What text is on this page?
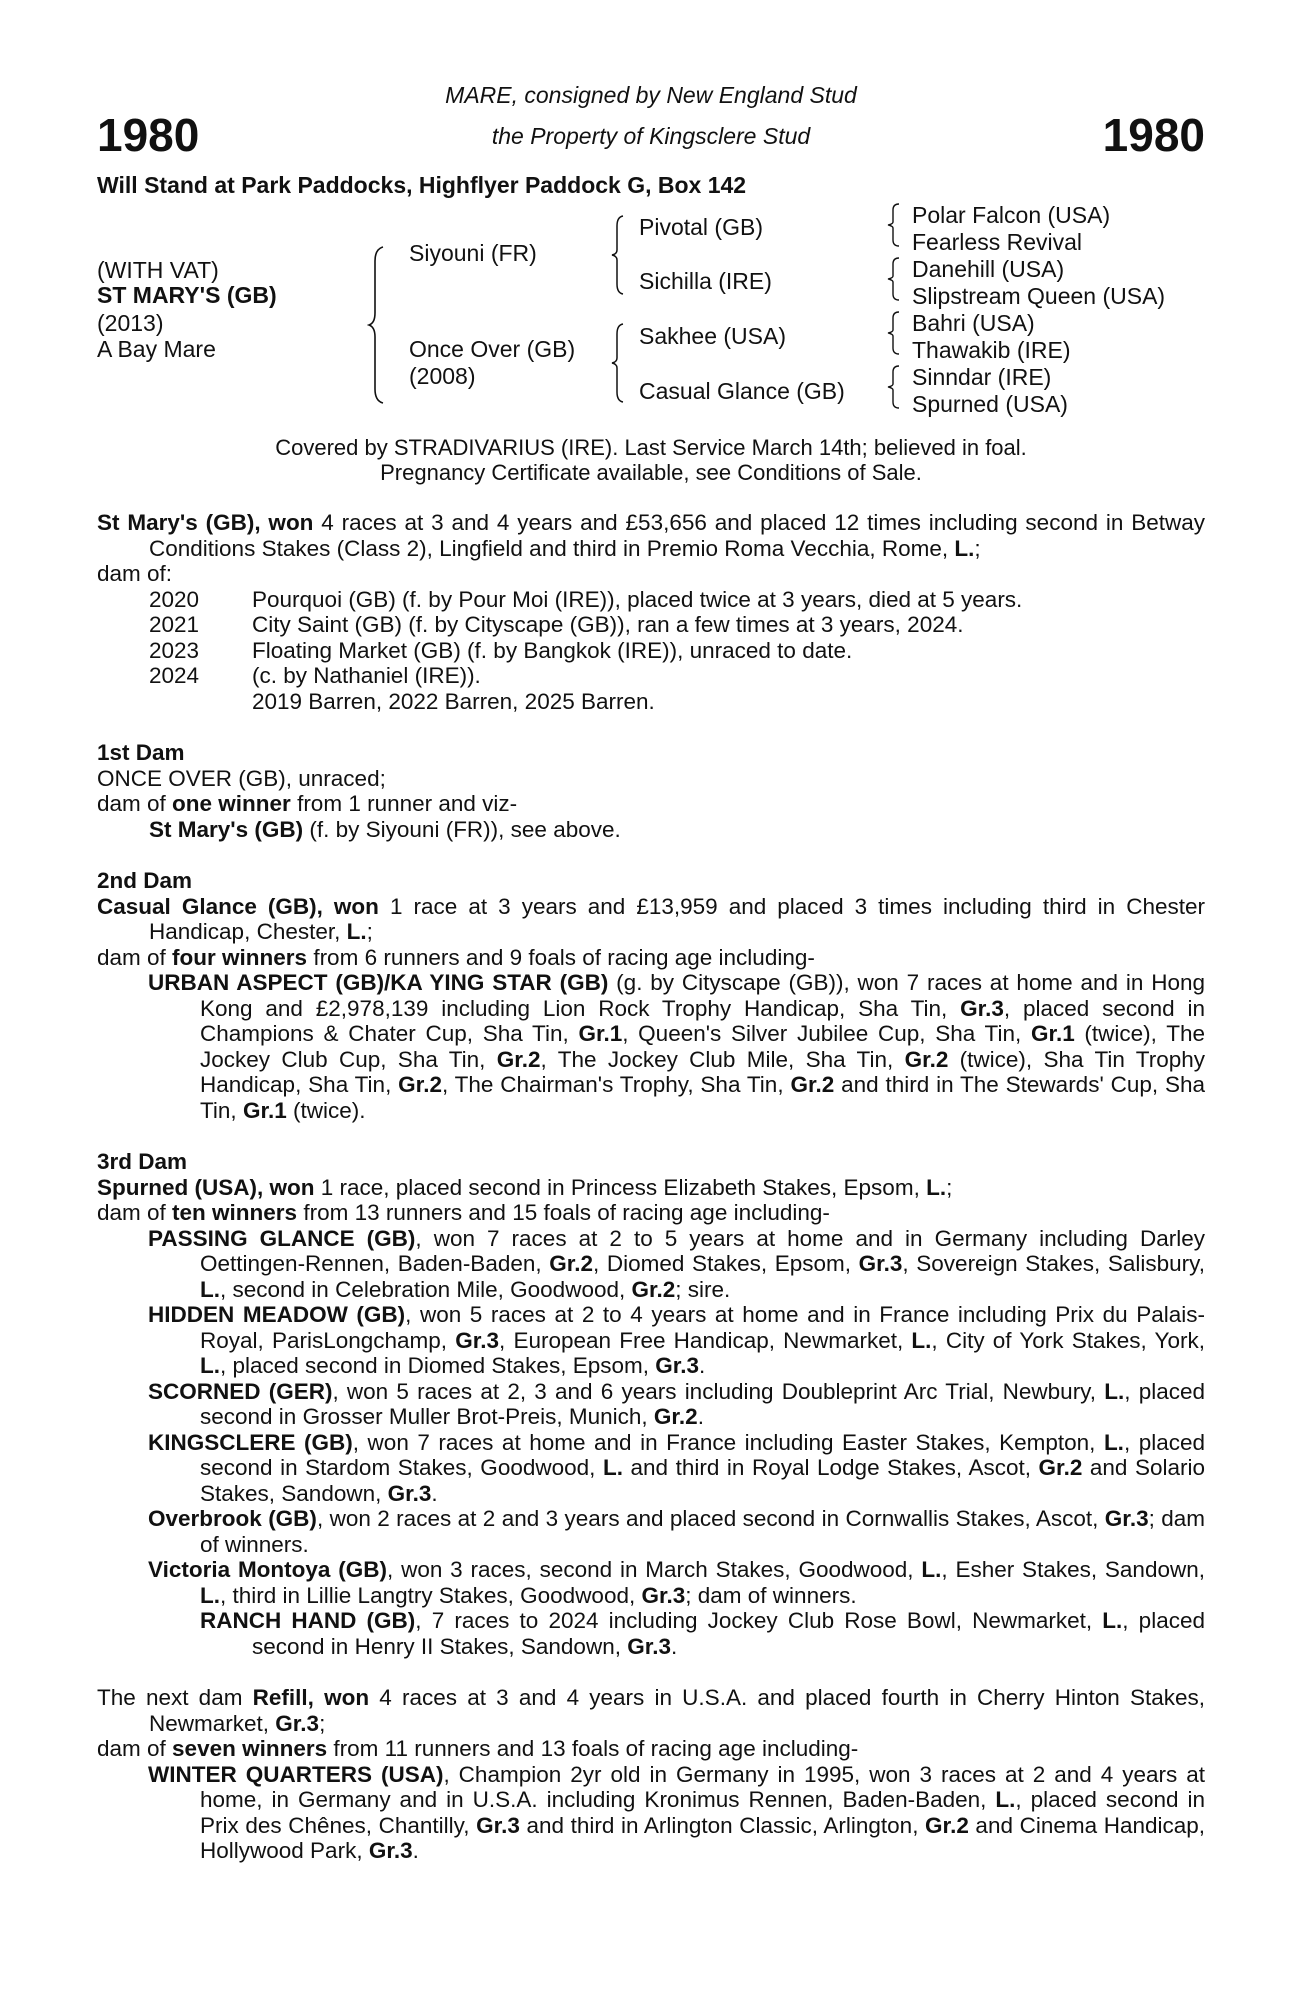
1980	1980
MARE, consigned by New England Stud
the Property of Kingsclere Stud
Will Stand at Park Paddocks, Highflyer Paddock G, Box 142
(WITH VAT)
ST MARY'S (GB)
(2013)
A Bay Mare
Siyouni (FR)
Once Over (GB)
(2008)
Pivotal (GB)
Sichilla (IRE)
Sakhee (USA)
Casual Glance (GB)
Polar Falcon (USA)
Fearless Revival
Danehill (USA)
Slipstream Queen (USA)
Bahri (USA)
Thawakib (IRE)
Sinndar (IRE)
Spurned (USA)
Covered by STRADIVARIUS (IRE). Last Service March 14th; believed in foal.
Pregnancy Certificate available, see Conditions of Sale.

St Mary's (GB), won 4 races at 3 and 4 years and £53,656 and placed 12 times including second in Betway Conditions Stakes (Class 2), Lingfield and third in Premio Roma Vecchia, Rome, L.;

dam of:

2020	Pourquoi (GB) (f. by Pour Moi (IRE)), placed twice at 3 years, died at 5 years.
2021	City Saint (GB) (f. by Cityscape (GB)), ran a few times at 3 years, 2024.
2023	Floating Market (GB) (f. by Bangkok (IRE)), unraced to date.
2024	(c. by Nathaniel (IRE)).
2019 Barren, 2022 Barren, 2025 Barren.

1st Dam

ONCE OVER (GB), unraced;

dam of one winner from 1 runner and viz-

St Mary's (GB) (f. by Siyouni (FR)), see above.

2nd Dam

Casual Glance (GB), won 1 race at 3 years and £13,959 and placed 3 times including third in Chester Handicap, Chester, L.;

dam of four winners from 6 runners and 9 foals of racing age including-

URBAN ASPECT (GB)/KA YING STAR (GB) (g. by Cityscape (GB)), won 7 races at home and in Hong Kong and £2,978,139 including Lion Rock Trophy Handicap, Sha Tin, Gr.3, placed second in Champions & Chater Cup, Sha Tin, Gr.1, Queen's Silver Jubilee Cup, Sha Tin, Gr.1 (twice), The Jockey Club Cup, Sha Tin, Gr.2, The Jockey Club Mile, Sha Tin, Gr.2 (twice), Sha Tin Trophy Handicap, Sha Tin, Gr.2, The Chairman's Trophy, Sha Tin, Gr.2 and third in The Stewards' Cup, Sha Tin, Gr.1 (twice).

3rd Dam

Spurned (USA), won 1 race, placed second in Princess Elizabeth Stakes, Epsom, L.;

dam of ten winners from 13 runners and 15 foals of racing age including-

PASSING GLANCE (GB), won 7 races at 2 to 5 years at home and in Germany including Darley Oettingen-Rennen, Baden-Baden, Gr.2, Diomed Stakes, Epsom, Gr.3, Sovereign Stakes, Salisbury, L., second in Celebration Mile, Goodwood, Gr.2; sire.

HIDDEN MEADOW (GB), won 5 races at 2 to 4 years at home and in France including Prix du Palais-Royal, ParisLongchamp, Gr.3, European Free Handicap, Newmarket, L., City of York Stakes, York, L., placed second in Diomed Stakes, Epsom, Gr.3.

SCORNED (GER), won 5 races at 2, 3 and 6 years including Doubleprint Arc Trial, Newbury, L., placed second in Grosser Muller Brot-Preis, Munich, Gr.2.

KINGSCLERE (GB), won 7 races at home and in France including Easter Stakes, Kempton, L., placed second in Stardom Stakes, Goodwood, L. and third in Royal Lodge Stakes, Ascot, Gr.2 and Solario Stakes, Sandown, Gr.3.

Overbrook (GB), won 2 races at 2 and 3 years and placed second in Cornwallis Stakes, Ascot, Gr.3; dam of winners.

Victoria Montoya (GB), won 3 races, second in March Stakes, Goodwood, L., Esher Stakes, Sandown, L., third in Lillie Langtry Stakes, Goodwood, Gr.3; dam of winners.

RANCH HAND (GB), 7 races to 2024 including Jockey Club Rose Bowl, Newmarket, L., placed second in Henry II Stakes, Sandown, Gr.3.

The next dam Refill, won 4 races at 3 and 4 years in U.S.A. and placed fourth in Cherry Hinton Stakes, Newmarket, Gr.3;

dam of seven winners from 11 runners and 13 foals of racing age including-

WINTER QUARTERS (USA), Champion 2yr old in Germany in 1995, won 3 races at 2 and 4 years at home, in Germany and in U.S.A. including Kronimus Rennen, Baden-Baden, L., placed second in Prix des Chênes, Chantilly, Gr.3 and third in Arlington Classic, Arlington, Gr.2 and Cinema Handicap, Hollywood Park, Gr.3.
